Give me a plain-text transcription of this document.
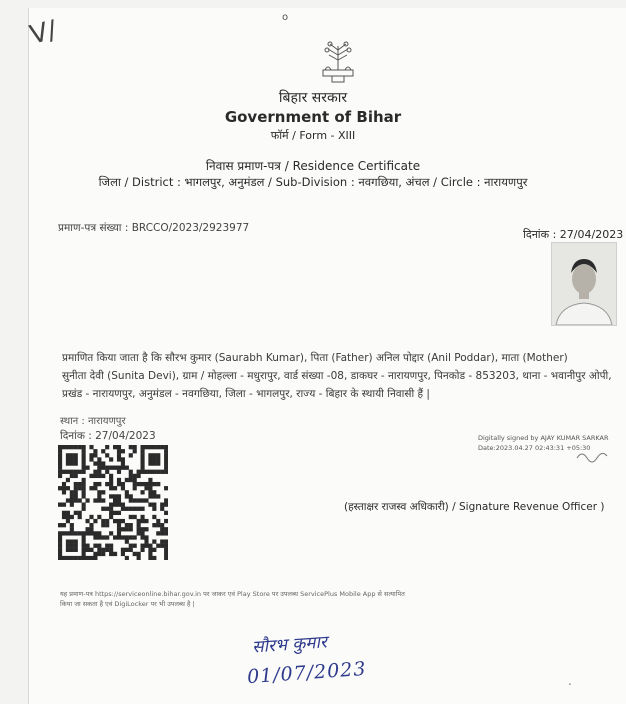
V/	o
बिहार सरकार
Government of Bihar
फॉर्म / Form - XIII
निवास प्रमाण-पत्र / Residence Certificate
जिला / District : भागलपुर, अनुमंडल / Sub-Division : नवगछिया, अंचल / Circle : नारायणपुर
प्रमाण-पत्र संख्या : BRCCO/2023/2923977	दिनांक : 27/04/2023
प्रमाणित किया जाता है कि सौरभ कुमार (Saurabh Kumar), पिता (Father) अनिल पोद्दार (Anil Poddar), माता (Mother)
सुनीता देवी (Sunita Devi), ग्राम / मोहल्ला - मधुरापुर, वार्ड संख्या -08, डाकघर - नारायणपुर, पिनकोड - 853203, थाना - भवानीपुर ओपी,
प्रखंड - नारायणपुर, अनुमंडल - नवगछिया, जिला - भागलपुर, राज्य - बिहार के स्थायी निवासी हैं |
स्थान : नारायणपुर
दिनांक : 27/04/2023	Digitally signed by AJAY KUMAR SARKAR
Date:2023.04.27 02:43:31 +05:30
(हस्ताक्षर राजस्व अधिकारी) / Signature Revenue Officer )
यह प्रमाण-पत्र https://serviceonline.bihar.gov.in पर जाकर एवं Play Store पर उपलब्ध ServicePlus Mobile App से सत्यापित
किया जा सकता है एवं DigiLocker पर भी उपलब्ध है |
सौरभ कुमार
01/07/2023	.
